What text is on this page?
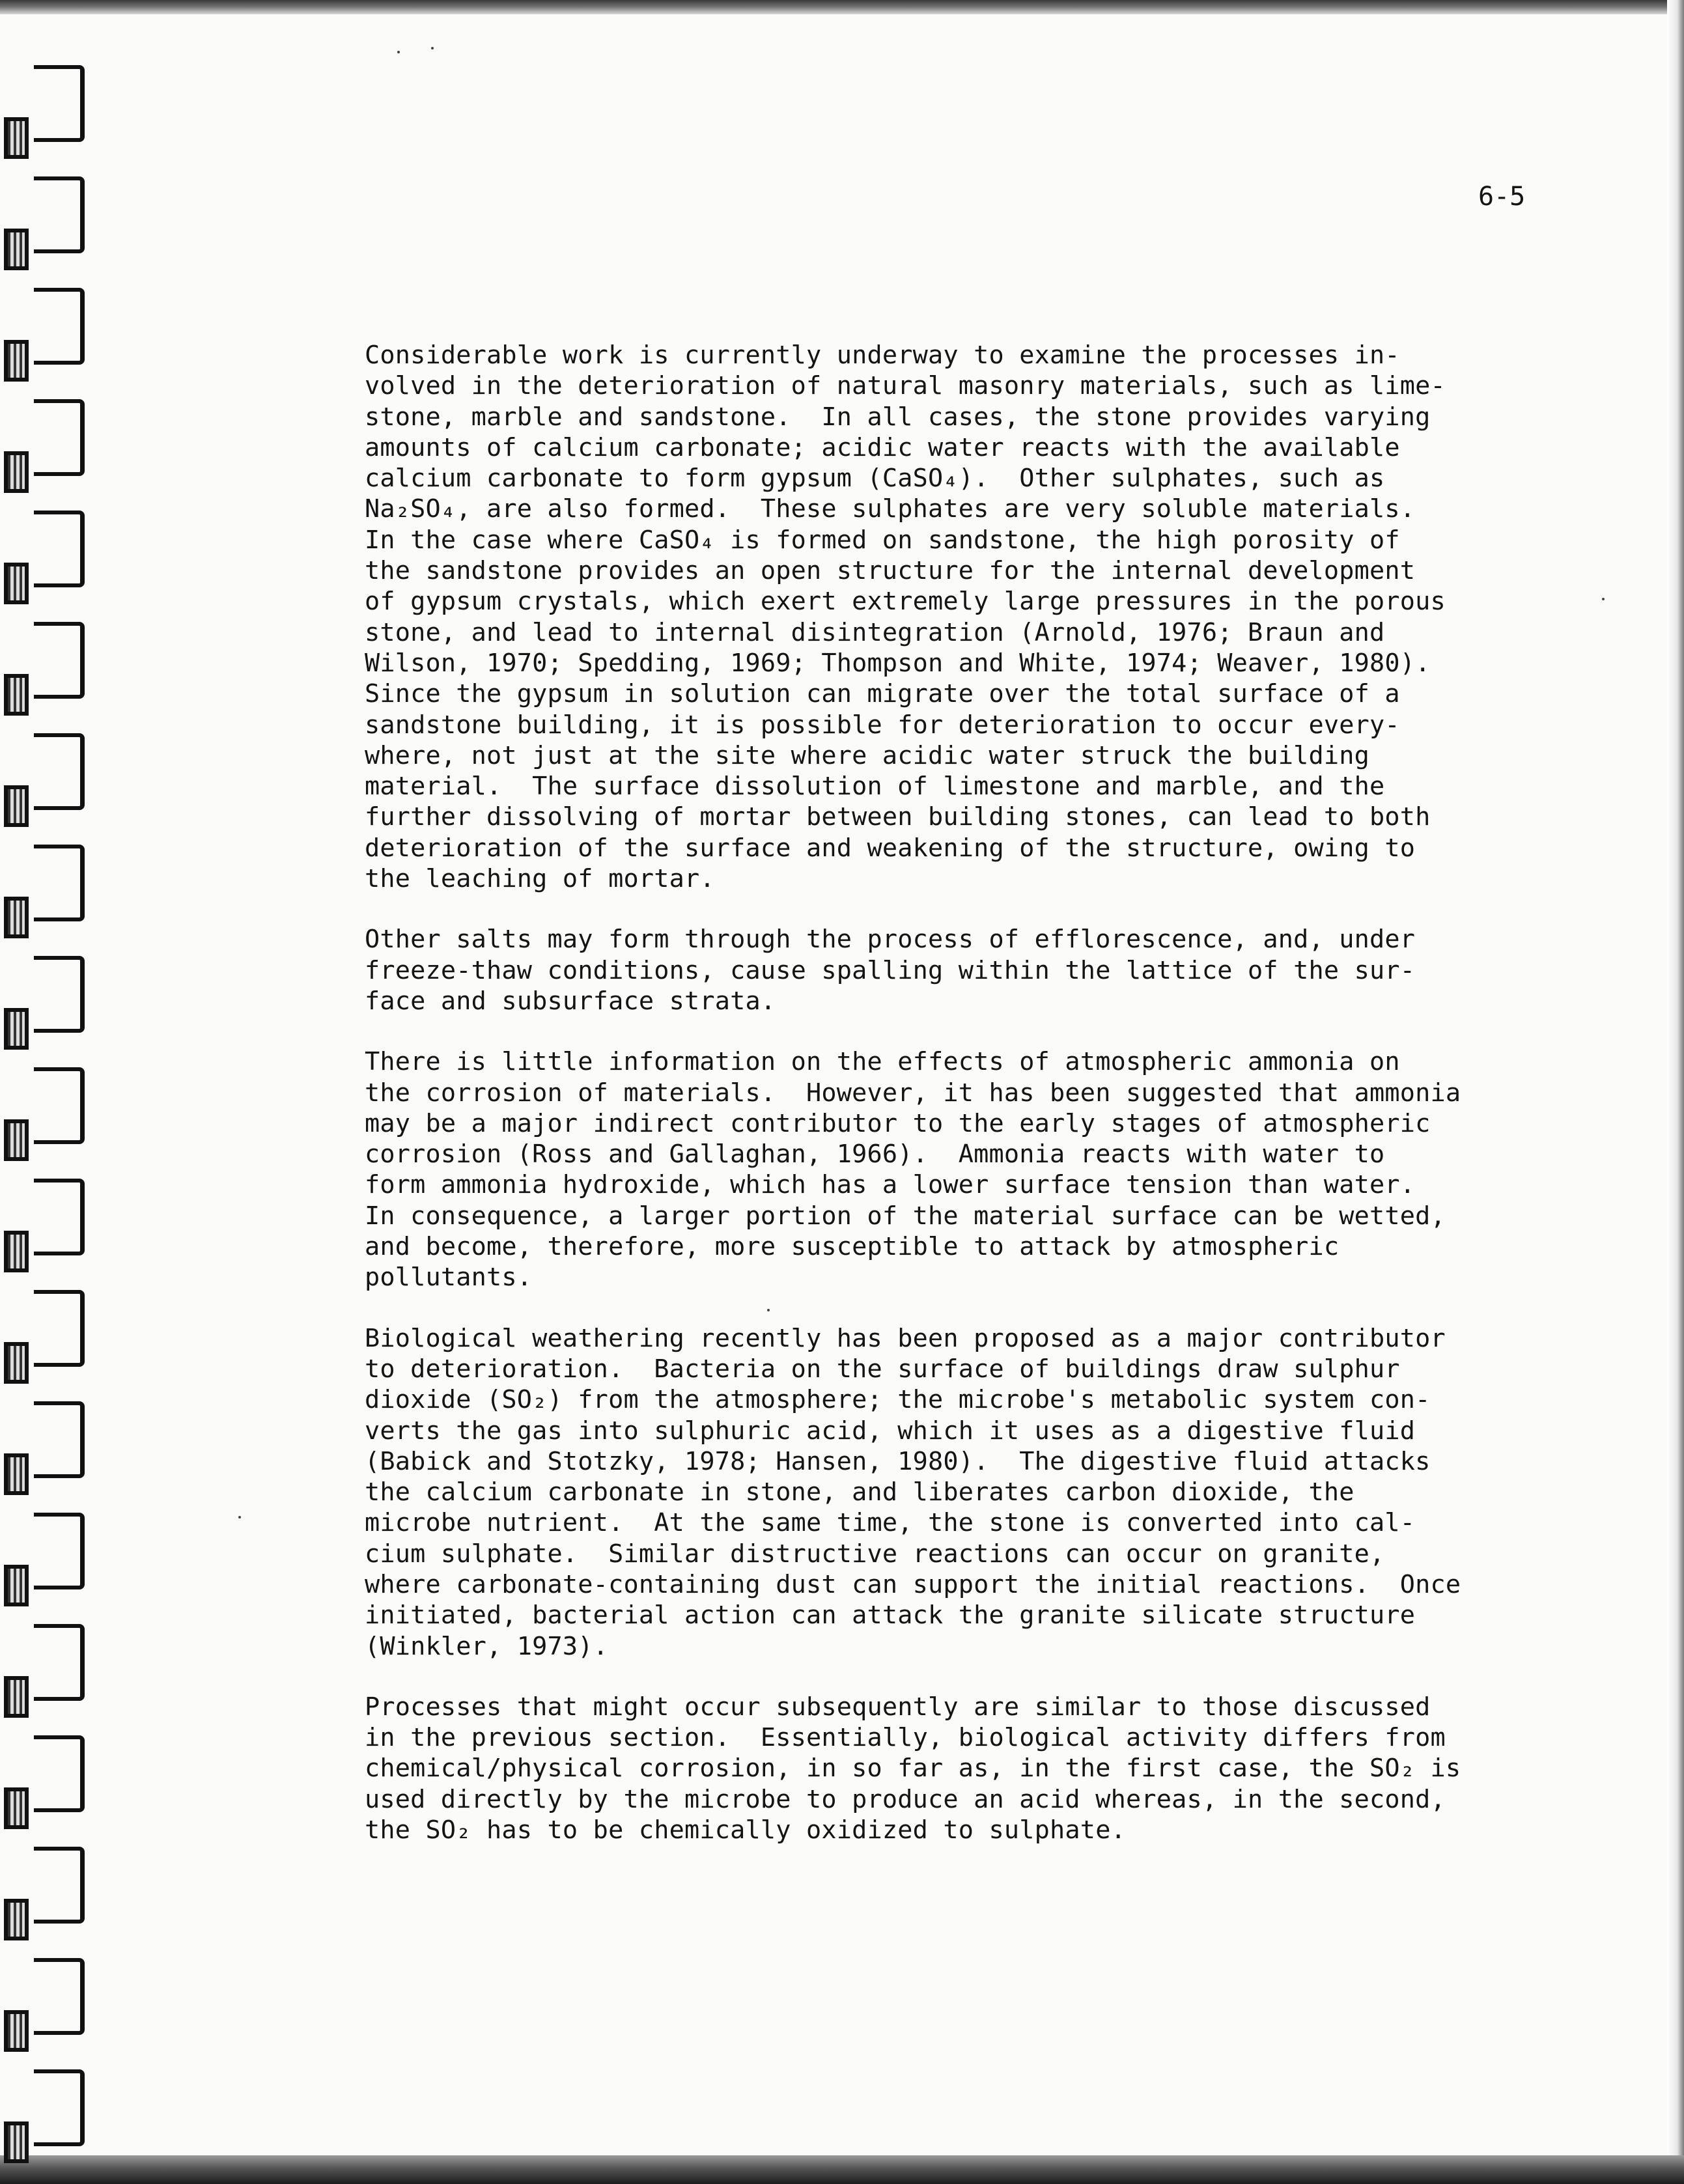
6-5

Considerable work is currently underway to examine the processes in-
volved in the deterioration of natural masonry materials, such as lime-
stone, marble and sandstone.  In all cases, the stone provides varying
amounts of calcium carbonate; acidic water reacts with the available
calcium carbonate to form gypsum (CaSO₄).  Other sulphates, such as
Na₂SO₄, are also formed.  These sulphates are very soluble materials.
In the case where CaSO₄ is formed on sandstone, the high porosity of
the sandstone provides an open structure for the internal development
of gypsum crystals, which exert extremely large pressures in the porous
stone, and lead to internal disintegration (Arnold, 1976; Braun and
Wilson, 1970; Spedding, 1969; Thompson and White, 1974; Weaver, 1980).
Since the gypsum in solution can migrate over the total surface of a
sandstone building, it is possible for deterioration to occur every-
where, not just at the site where acidic water struck the building
material.  The surface dissolution of limestone and marble, and the
further dissolving of mortar between building stones, can lead to both
deterioration of the surface and weakening of the structure, owing to
the leaching of mortar.

Other salts may form through the process of efflorescence, and, under
freeze-thaw conditions, cause spalling within the lattice of the sur-
face and subsurface strata.

There is little information on the effects of atmospheric ammonia on
the corrosion of materials.  However, it has been suggested that ammonia
may be a major indirect contributor to the early stages of atmospheric
corrosion (Ross and Gallaghan, 1966).  Ammonia reacts with water to
form ammonia hydroxide, which has a lower surface tension than water.
In consequence, a larger portion of the material surface can be wetted,
and become, therefore, more susceptible to attack by atmospheric
pollutants.

Biological weathering recently has been proposed as a major contributor
to deterioration.  Bacteria on the surface of buildings draw sulphur
dioxide (SO₂) from the atmosphere; the microbe's metabolic system con-
verts the gas into sulphuric acid, which it uses as a digestive fluid
(Babick and Stotzky, 1978; Hansen, 1980).  The digestive fluid attacks
the calcium carbonate in stone, and liberates carbon dioxide, the
microbe nutrient.  At the same time, the stone is converted into cal-
cium sulphate.  Similar distructive reactions can occur on granite,
where carbonate-containing dust can support the initial reactions.  Once
initiated, bacterial action can attack the granite silicate structure
(Winkler, 1973).

Processes that might occur subsequently are similar to those discussed
in the previous section.  Essentially, biological activity differs from
chemical/physical corrosion, in so far as, in the first case, the SO₂ is
used directly by the microbe to produce an acid whereas, in the second,
the SO₂ has to be chemically oxidized to sulphate.
